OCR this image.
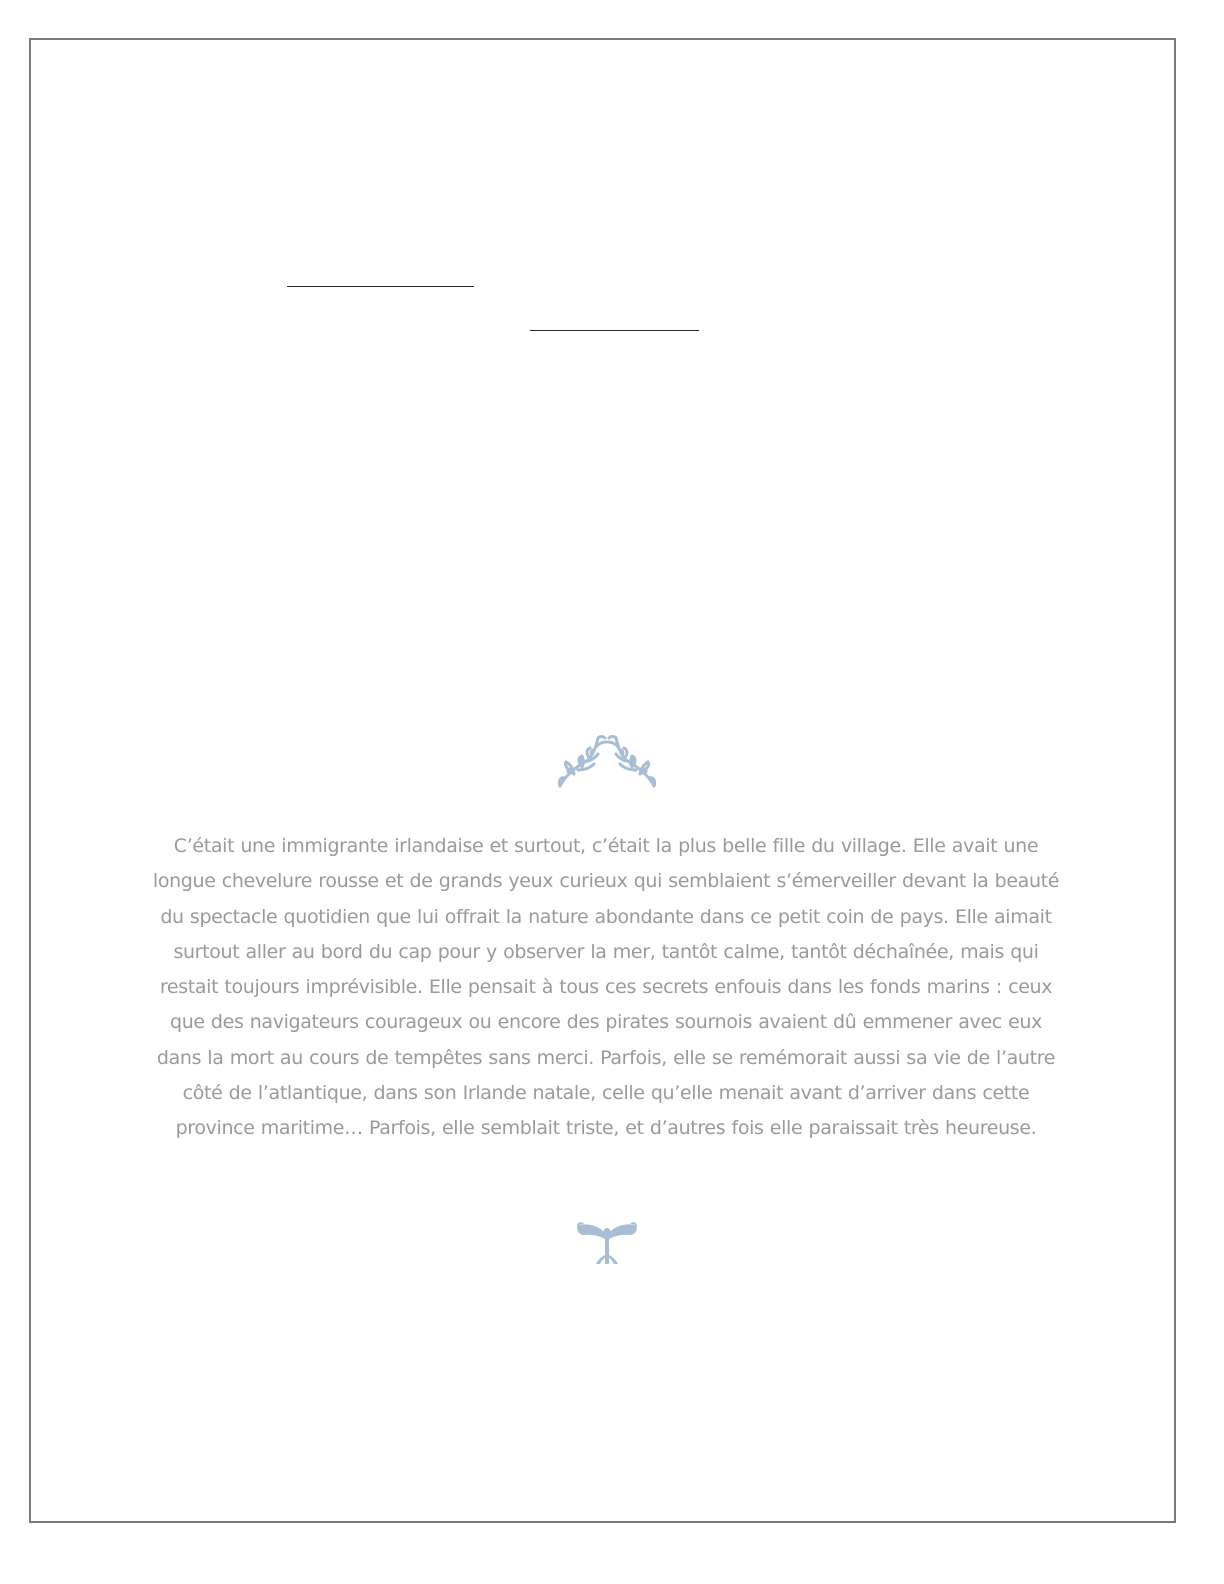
C’était une immigrante irlandaise et surtout, c’était la plus belle fille du village. Elle avait une longue chevelure rousse et de grands yeux curieux qui semblaient s’émerveiller devant la beauté du spectacle quotidien que lui offrait la nature abondante dans ce petit coin de pays. Elle aimait surtout aller au bord du cap pour y observer la mer, tantôt calme, tantôt déchaînée, mais qui restait toujours imprévisible. Elle pensait à tous ces secrets enfouis dans les fonds marins : ceux que des navigateurs courageux ou encore des pirates sournois avaient dû emmener avec eux dans la mort au cours de tempêtes sans merci. Parfois, elle se remémorait aussi sa vie de l’autre côté de l’atlantique, dans son Irlande natale, celle qu’elle menait avant d’arriver dans cette province maritime… Parfois, elle semblait triste, et d’autres fois elle paraissait très heureuse.
